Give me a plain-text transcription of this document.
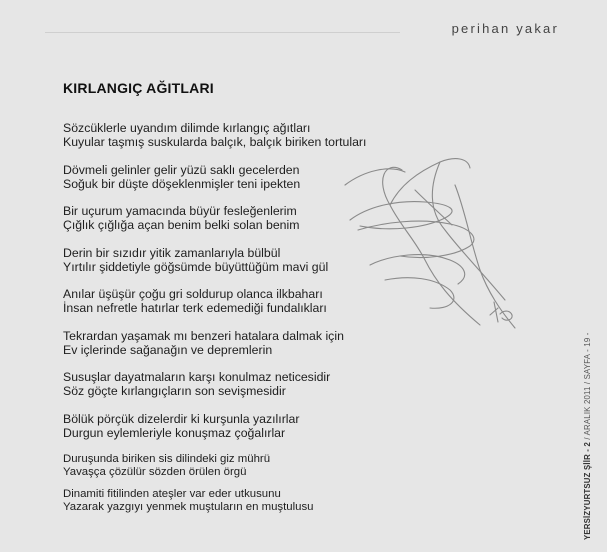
perihan yakar
KIRLANGIÇ AĞITLARI
Sözcüklerle uyandım dilimde kırlangıç ağıtları
Kuyular taşmış suskularda balçık, balçık biriken tortuları
Dövmeli gelinler gelir yüzü saklı gecelerden
Soğuk bir düşte döşeklenmişler teni ipekten
Bir uçurum yamacında büyür fesleğenlerim
Çığlık çığlığa açan benim belki solan benim
Derin bir sızıdır yitik zamanlarıyla bülbül
Yırtılır şiddetiyle göğsümde büyüttüğüm mavi gül
Anılar üşüşür çoğu gri soldurup olanca ilkbaharı
İnsan nefretle hatırlar terk edemediği fundalıkları
Tekrardan yaşamak mı benzeri hatalara dalmak için
Ev içlerinde sağanağın ve depremlerin
Susuşlar dayatmaların karşı konulmaz neticesidir
Söz göçte kırlangıçların son sevişmesidir
Bölük pörçük dizelerdir ki kurşunla yazılırlar
Durgun eylemleriyle konuşmaz çoğalırlar
Duruşunda biriken sis dilindeki giz mührü
Yavaşça çözülür sözden örülen örgü
Dinamiti fitilinden ateşler var eder utkusunu
Yazarak yazgıyı yenmek muştuların en muştulusu	YERSİZYURTSUZ ŞİİR - 2 / ARALIK 2011 / SAYFA - 19 -
